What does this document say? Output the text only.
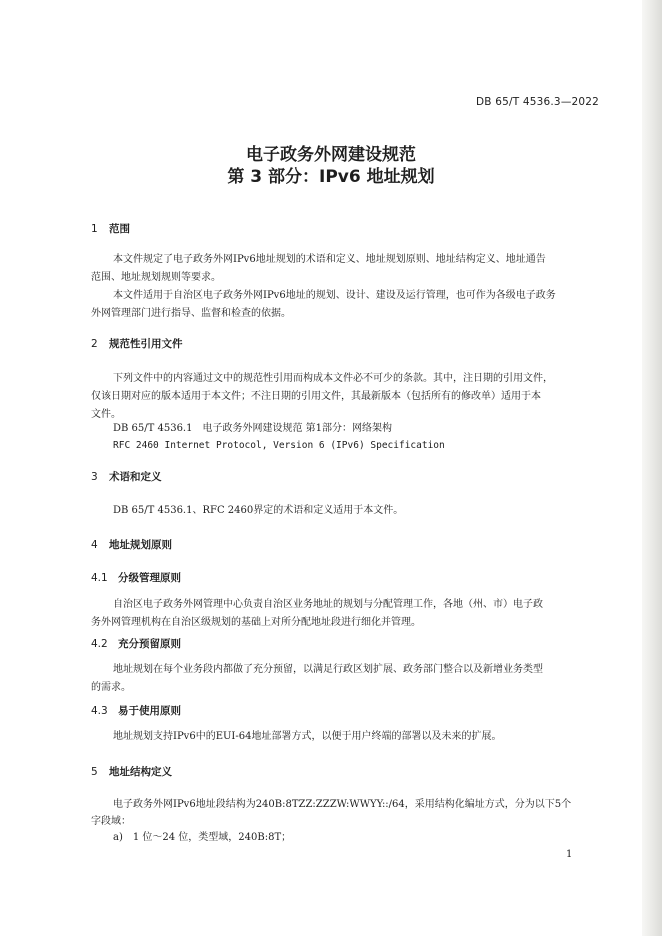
DB 65/T 4536.3—2022
电子政务外网建设规范
第 3 部分：IPv6 地址规划
1 范围
本文件规定了电子政务外网IPv6地址规划的术语和定义、地址规划原则、地址结构定义、地址通告
范围、地址规划规则等要求。
本文件适用于自治区电子政务外网IPv6地址的规划、设计、建设及运行管理，也可作为各级电子政务
外网管理部门进行指导、监督和检查的依据。
2 规范性引用文件
下列文件中的内容通过文中的规范性引用而构成本文件必不可少的条款。其中，注日期的引用文件，
仅该日期对应的版本适用于本文件；不注日期的引用文件，其最新版本（包括所有的修改单）适用于本
文件。
DB 65/T 4536.1　电子政务外网建设规范 第1部分：网络架构
RFC 2460 Internet Protocol, Version 6 (IPv6) Specification
3 术语和定义
DB 65/T 4536.1、RFC 2460界定的术语和定义适用于本文件。
4 地址规划原则
4.1 分级管理原则
自治区电子政务外网管理中心负责自治区业务地址的规划与分配管理工作，各地（州、市）电子政
务外网管理机构在自治区级规划的基础上对所分配地址段进行细化并管理。
4.2 充分预留原则
地址规划在每个业务段内都做了充分预留，以满足行政区划扩展、政务部门整合以及新增业务类型
的需求。
4.3 易于使用原则
地址规划支持IPv6中的EUI-64地址部署方式，以便于用户终端的部署以及未来的扩展。
5 地址结构定义
电子政务外网IPv6地址段结构为240B:8TZZ:ZZZW:WWYY::/64，采用结构化编址方式，分为以下5个
字段域：
a)　1 位～24 位，类型域，240B:8T；
1
